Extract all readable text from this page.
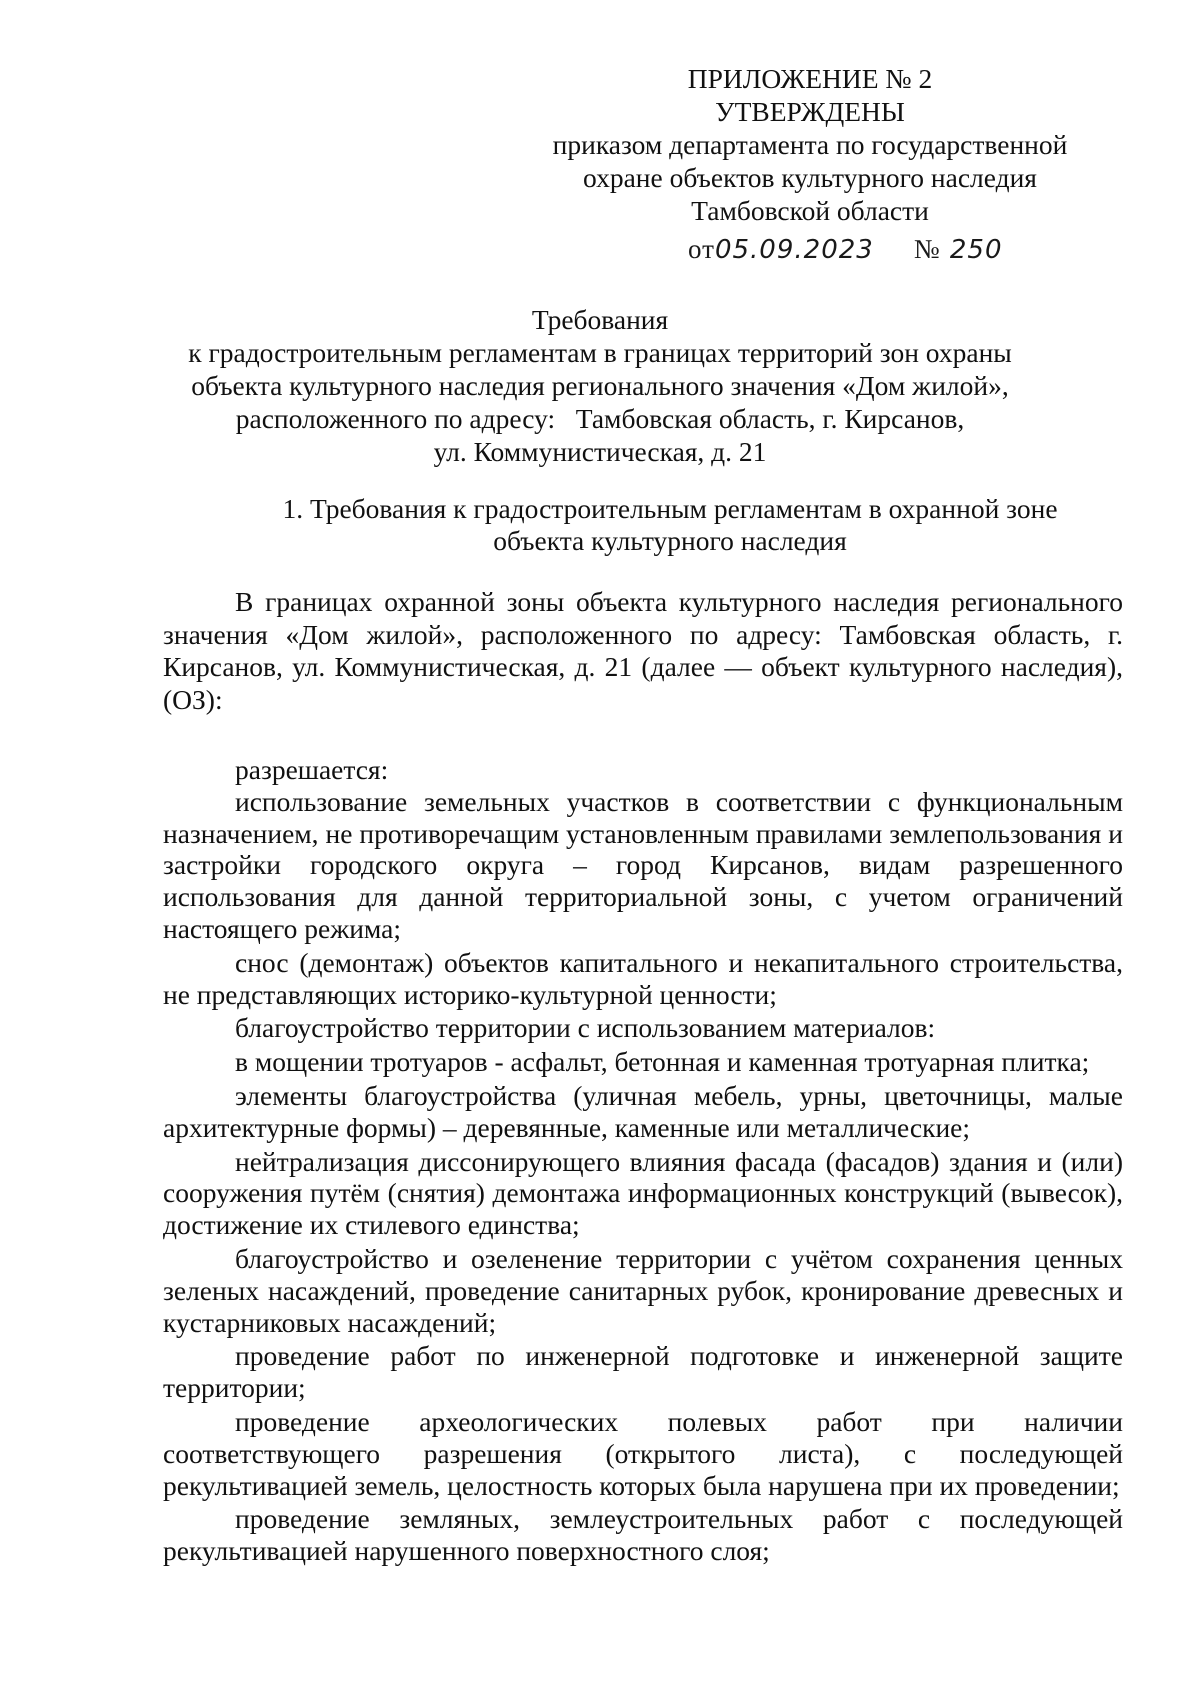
ПРИЛОЖЕНИЕ № 2
УТВЕРЖДЕНЫ
приказом департамента по государственной
охране объектов культурного наследия
Тамбовской области
от05.09.2023 № 250
Требования
к градостроительным регламентам в границах территорий зон охраны
объекта культурного наследия регионального значения «Дом жилой»,
расположенного по адресу:   Тамбовская область, г. Кирсанов,
ул. Коммунистическая, д. 21
1. Требования к градостроительным регламентам в охранной зоне
объекта культурного наследия

В границах охранной зоны объекта культурного наследия регионального значения «Дом жилой», расположенного по адресу: Тамбовская область, г. Кирсанов, ул. Коммунистическая, д. 21 (далее — объект культурного наследия), (ОЗ):

разрешается:

использование земельных участков в соответствии с функциональным назначением, не противоречащим установленным правилами землепользования и застройки городского округа – город Кирсанов, видам разрешенного использования для данной территориальной зоны, с учетом ограничений настоящего режима;

снос (демонтаж) объектов капитального и некапитального строительства, не представляющих историко-культурной ценности;

благоустройство территории с использованием материалов:

в мощении тротуаров - асфальт, бетонная и каменная тротуарная плитка;

элементы благоустройства (уличная мебель, урны, цветочницы, малые архитектурные формы) – деревянные, каменные или металлические;

нейтрализация диссонирующего влияния фасада (фасадов) здания и (или) сооружения путём (снятия) демонтажа информационных конструкций (вывесок), достижение их стилевого единства;

благоустройство и озеленение территории с учётом сохранения ценных зеленых насаждений, проведение санитарных рубок, кронирование древесных и кустарниковых насаждений;

проведение работ по инженерной подготовке и инженерной защите территории;

проведение археологических полевых работ при наличии соответствующего разрешения (открытого листа), с последующей рекультивацией земель, целостность которых была нарушена при их проведении;

проведение земляных, землеустроительных работ с последующей рекультивацией нарушенного поверхностного слоя;
